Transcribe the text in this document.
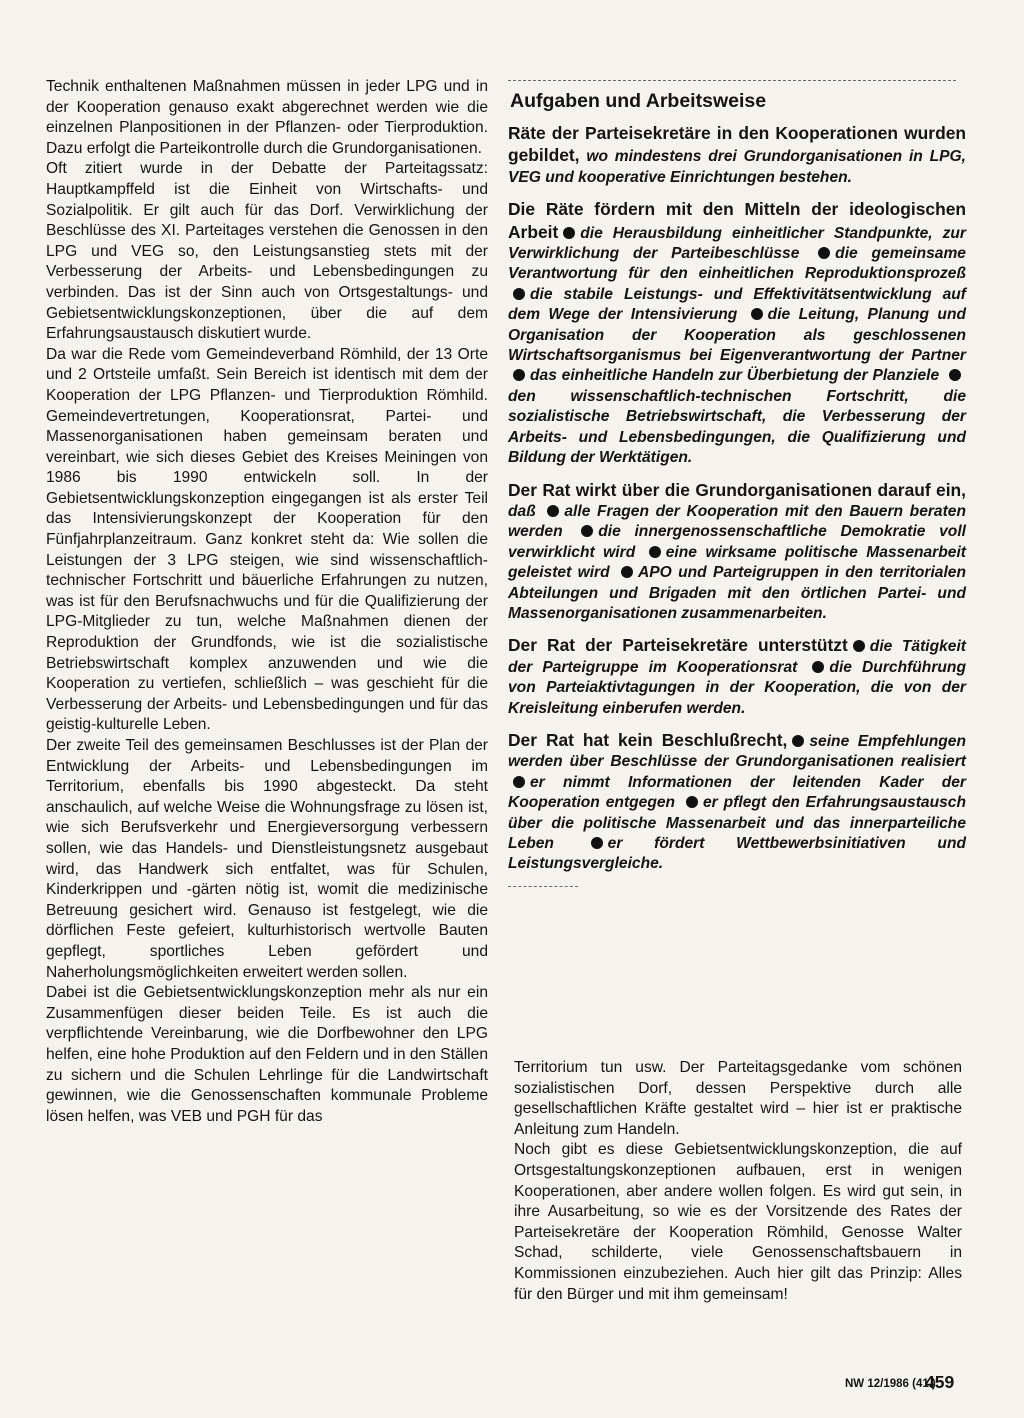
Technik enthaltenen Maßnahmen müssen in jeder LPG und in der Kooperation genauso exakt abgerechnet werden wie die einzelnen Planpositionen in der Pflanzen- oder Tierproduktion. Dazu erfolgt die Parteikontrolle durch die Grundorganisationen.

Oft zitiert wurde in der Debatte der Parteitagssatz: Hauptkampffeld ist die Einheit von Wirtschafts- und Sozialpolitik. Er gilt auch für das Dorf. Verwirklichung der Beschlüsse des XI. Parteitages verstehen die Genossen in den LPG und VEG so, den Leistungsanstieg stets mit der Verbesserung der Arbeits- und Lebensbedingungen zu verbinden. Das ist der Sinn auch von Ortsgestaltungs- und Gebietsentwicklungskonzeptionen, über die auf dem Erfahrungsaustausch diskutiert wurde.

Da war die Rede vom Gemeindeverband Römhild, der 13 Orte und 2 Ortsteile umfaßt. Sein Bereich ist identisch mit dem der Kooperation der LPG Pflanzen- und Tierproduktion Römhild. Gemeindevertretungen, Kooperationsrat, Partei- und Massenorganisationen haben gemeinsam beraten und vereinbart, wie sich dieses Gebiet des Kreises Meiningen von 1986 bis 1990 entwickeln soll. In der Gebietsentwicklungskonzeption eingegangen ist als erster Teil das Intensivierungskonzept der Kooperation für den Fünfjahrplanzeitraum. Ganz konkret steht da: Wie sollen die Leistungen der 3 LPG steigen, wie sind wissenschaftlich-technischer Fortschritt und bäuerliche Erfahrungen zu nutzen, was ist für den Berufsnachwuchs und für die Qualifizierung der LPG-Mitglieder zu tun, welche Maßnahmen dienen der Reproduktion der Grundfonds, wie ist die sozialistische Betriebswirtschaft komplex anzuwenden und wie die Kooperation zu vertiefen, schließlich – was geschieht für die Verbesserung der Arbeits- und Lebensbedingungen und für das geistig-kulturelle Leben.

Der zweite Teil des gemeinsamen Beschlusses ist der Plan der Entwicklung der Arbeits- und Lebensbedingungen im Territorium, ebenfalls bis 1990 abgesteckt. Da steht anschaulich, auf welche Weise die Wohnungsfrage zu lösen ist, wie sich Berufsverkehr und Energieversorgung verbessern sollen, wie das Handels- und Dienstleistungsnetz ausgebaut wird, das Handwerk sich entfaltet, was für Schulen, Kinderkrippen und -gärten nötig ist, womit die medizinische Betreuung gesichert wird. Genauso ist festgelegt, wie die dörflichen Feste gefeiert, kulturhistorisch wertvolle Bauten gepflegt, sportliches Leben gefördert und Naherholungsmöglichkeiten erweitert werden sollen.

Dabei ist die Gebietsentwicklungskonzeption mehr als nur ein Zusammenfügen dieser beiden Teile. Es ist auch die verpflichtende Vereinbarung, wie die Dorfbewohner den LPG helfen, eine hohe Produktion auf den Feldern und in den Ställen zu sichern und die Schulen Lehrlinge für die Landwirtschaft gewinnen, wie die Genossenschaften kommunale Probleme lösen helfen, was VEB und PGH für das

Aufgaben und Arbeitsweise

Räte der Parteisekretäre in den Kooperationen wurden gebildet, wo mindestens drei Grundorganisationen in LPG, VEG und kooperative Einrichtungen bestehen.

Die Räte fördern mit den Mitteln der ideologischen Arbeit die Herausbildung einheitlicher Standpunkte, zur Verwirklichung der Parteibeschlüsse die gemeinsame Verantwortung für den einheitlichen Reproduktionsprozeß die stabile Leistungs- und Effektivitätsentwicklung auf dem Wege der Intensivierung die Leitung, Planung und Organisation der Kooperation als geschlossenen Wirtschaftsorganismus bei Eigenverantwortung der Partner das einheitliche Handeln zur Überbietung der Planziele den wissenschaftlich-technischen Fortschritt, die sozialistische Betriebswirtschaft, die Verbesserung der Arbeits- und Lebensbedingungen, die Qualifizierung und Bildung der Werktätigen.

Der Rat wirkt über die Grundorganisationen darauf ein, daß alle Fragen der Kooperation mit den Bauern beraten werden die innergenossenschaftliche Demokratie voll verwirklicht wird eine wirksame politische Massenarbeit geleistet wird APO und Parteigruppen in den territorialen Abteilungen und Brigaden mit den örtlichen Partei- und Massenorganisationen zusammenarbeiten.

Der Rat der Parteisekretäre unterstützt die Tätigkeit der Parteigruppe im Kooperationsrat die Durchführung von Parteiaktivtagungen in der Kooperation, die von der Kreisleitung einberufen werden.

Der Rat hat kein Beschlußrecht, seine Empfehlungen werden über Beschlüsse der Grundorganisationen realisiert er nimmt Informationen der leitenden Kader der Kooperation entgegen er pflegt den Erfahrungsaustausch über die politische Massenarbeit und das innerparteiliche Leben er fördert Wettbewerbsinitiativen und Leistungsvergleiche.

Territorium tun usw. Der Parteitagsgedanke vom schönen sozialistischen Dorf, dessen Perspektive durch alle gesellschaftlichen Kräfte gestaltet wird – hier ist er praktische Anleitung zum Handeln.

Noch gibt es diese Gebietsentwicklungskonzeption, die auf Ortsgestaltungskonzeptionen aufbauen, erst in wenigen Kooperationen, aber andere wollen folgen. Es wird gut sein, in ihre Ausarbeitung, so wie es der Vorsitzende des Rates der Parteisekretäre der Kooperation Römhild, Genosse Walter Schad, schilderte, viele Genossenschaftsbauern in Kommissionen einzubeziehen. Auch hier gilt das Prinzip: Alles für den Bürger und mit ihm gemeinsam!

NW 12/1986 (41.)
459
